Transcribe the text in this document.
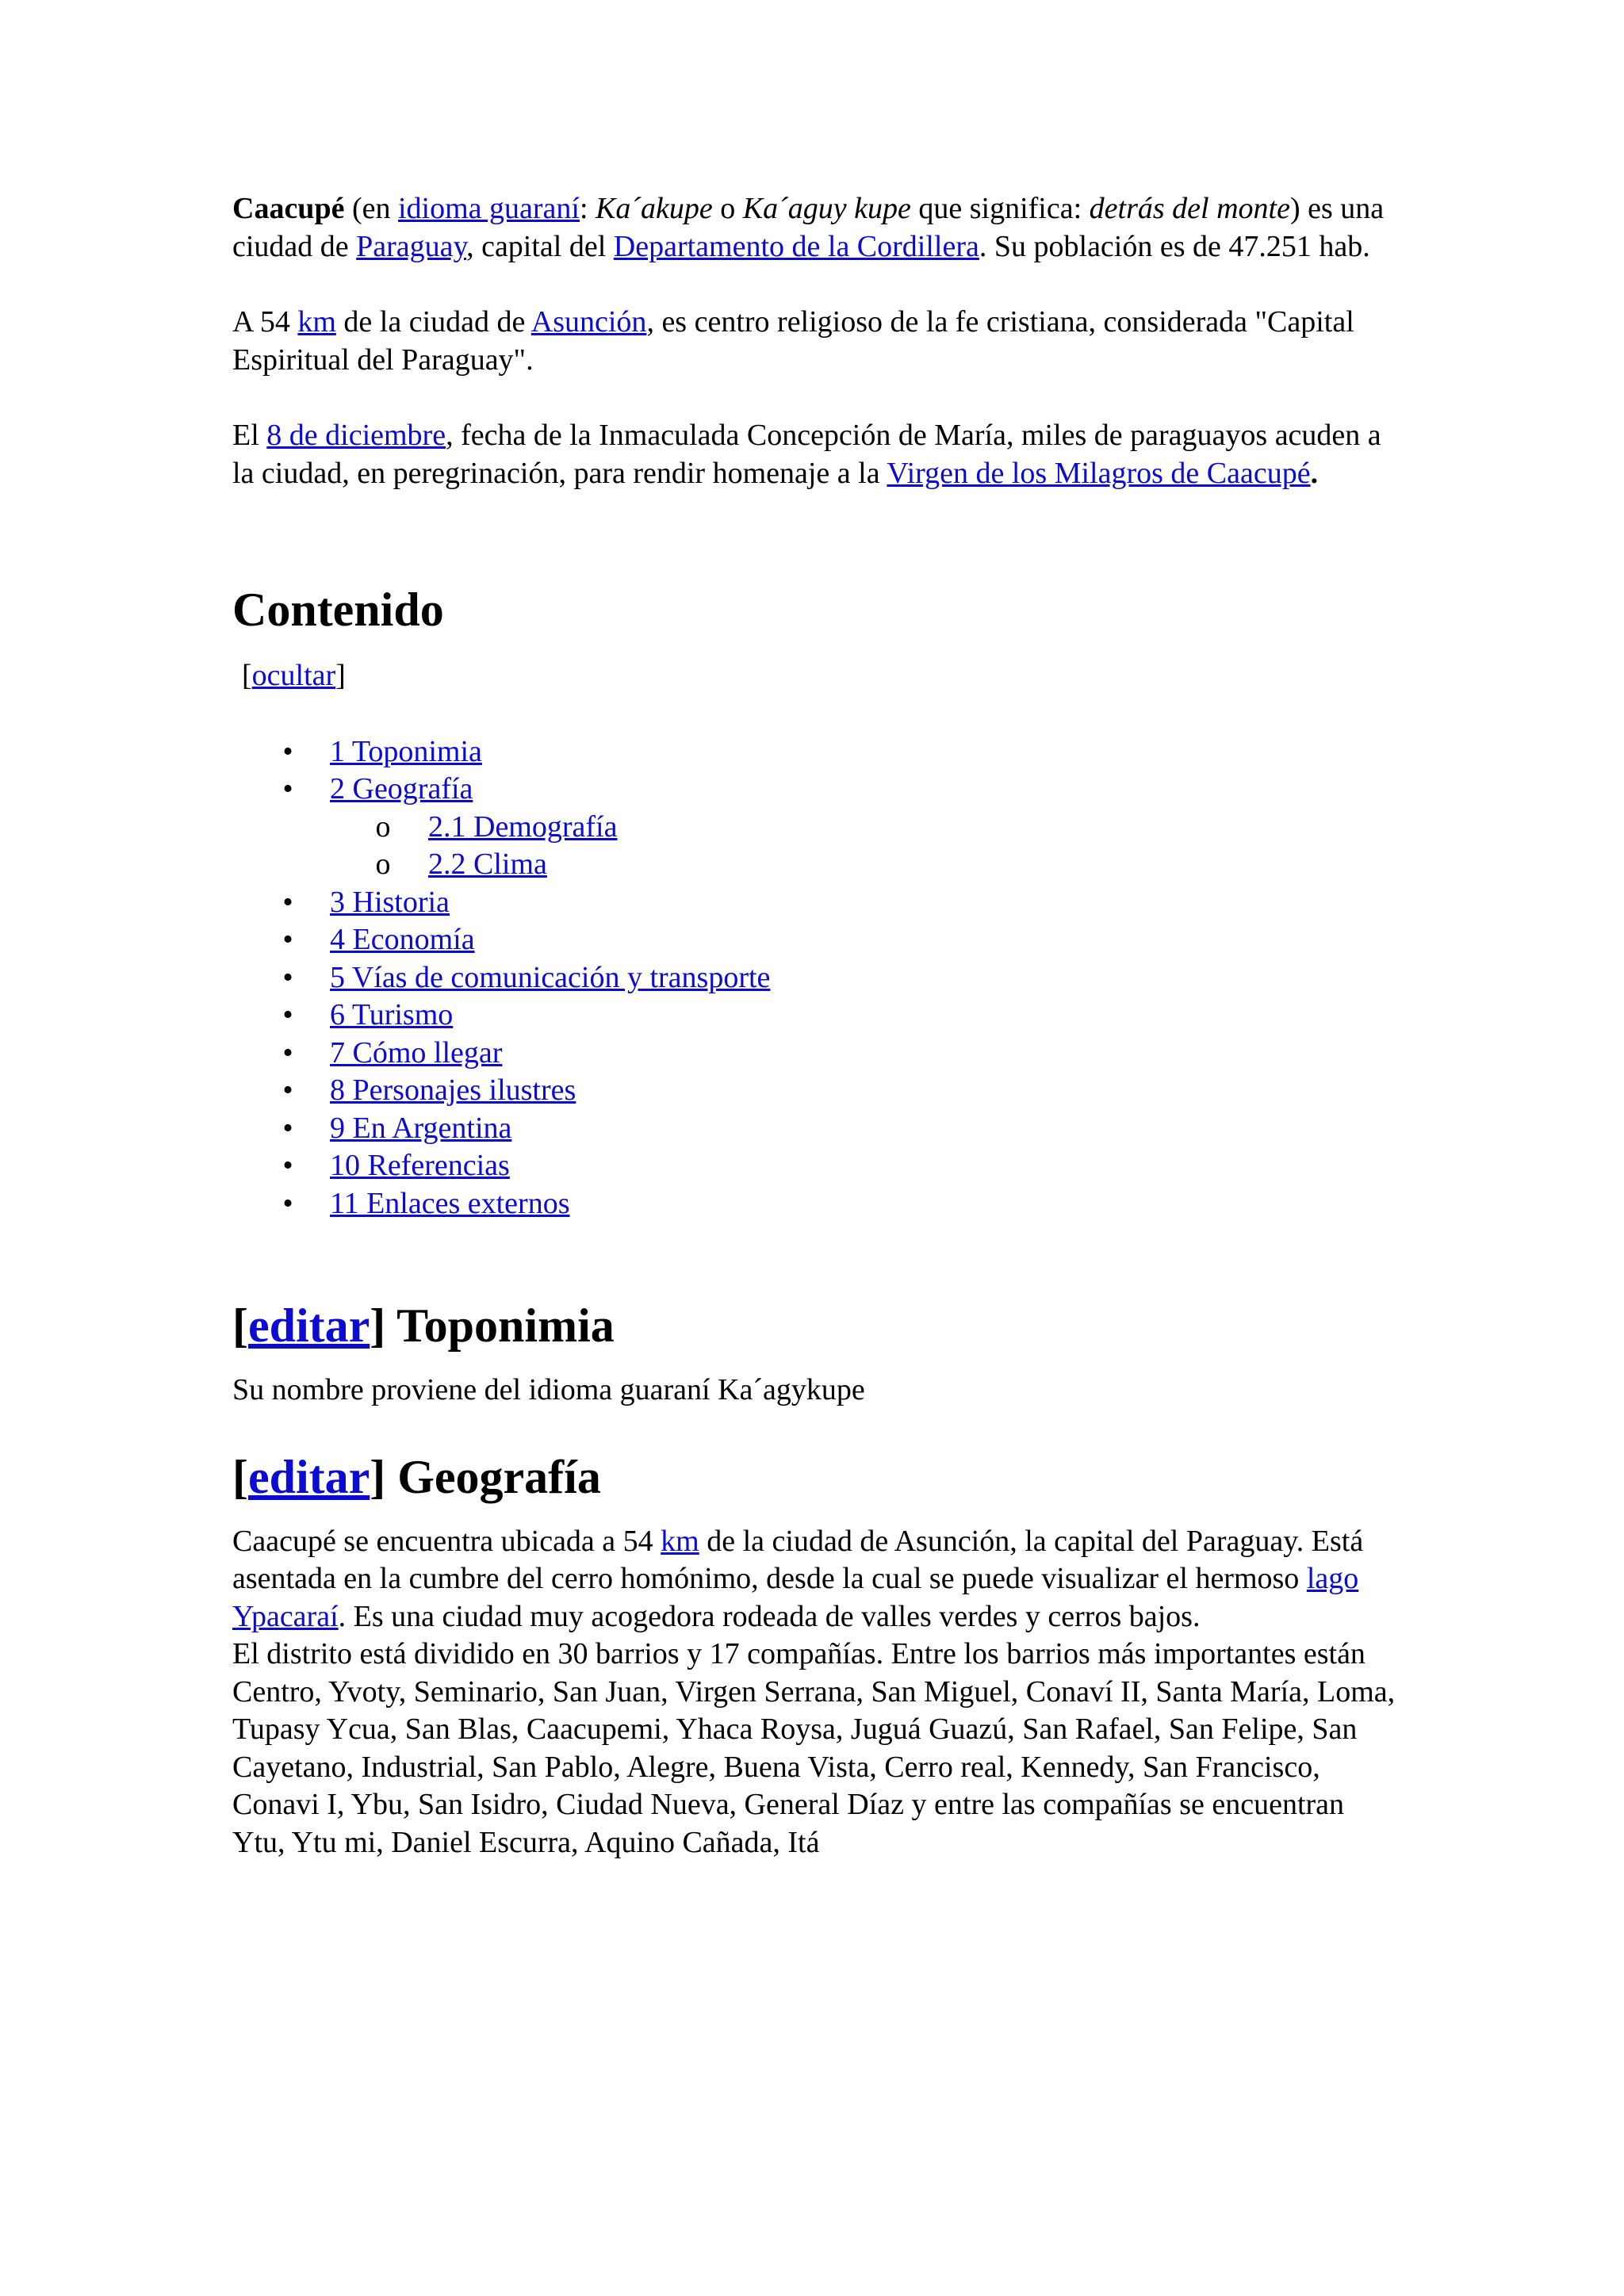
Caacupé (en idioma guaraní: Ka´akupe o Ka´aguy kupe que significa: detrás del monte) es una ciudad de Paraguay, capital del Departamento de la Cordillera. Su población es de 47.251 hab.

A 54 km de la ciudad de Asunción, es centro religioso de la fe cristiana, considerada "Capital Espiritual del Paraguay".

El 8 de diciembre, fecha de la Inmaculada Concepción de María, miles de paraguayos acuden a la ciudad, en peregrinación, para rendir homenaje a la Virgen de los Milagros de Caacupé.

Contenido
[ocultar]
• 1 Toponimia
• 2 Geografía
o 2.1 Demografía
o 2.2 Clima
• 3 Historia
• 4 Economía
• 5 Vías de comunicación y transporte
• 6 Turismo
• 7 Cómo llegar
• 8 Personajes ilustres
• 9 En Argentina
• 10 Referencias
• 11 Enlaces externos
[editar] Toponimia

Su nombre proviene del idioma guaraní Ka´agykupe

[editar] Geografía

Caacupé se encuentra ubicada a 54 km de la ciudad de Asunción, la capital del Paraguay. Está asentada en la cumbre del cerro homónimo, desde la cual se puede visualizar el hermoso lago Ypacaraí. Es una ciudad muy acogedora rodeada de valles verdes y cerros bajos.
El distrito está dividido en 30 barrios y 17 compañías. Entre los barrios más importantes están Centro, Yvoty, Seminario, San Juan, Virgen Serrana, San Miguel, Conaví II, Santa María, Loma, Tupasy Ycua, San Blas, Caacupemi, Yhaca Roysa, Juguá Guazú, San Rafael, San Felipe, San Cayetano, Industrial, San Pablo, Alegre, Buena Vista, Cerro real, Kennedy, San Francisco, Conavi I, Ybu, San Isidro, Ciudad Nueva, General Díaz y entre las compañías se encuentran Ytu, Ytu mi, Daniel Escurra, Aquino Cañada, Itá
